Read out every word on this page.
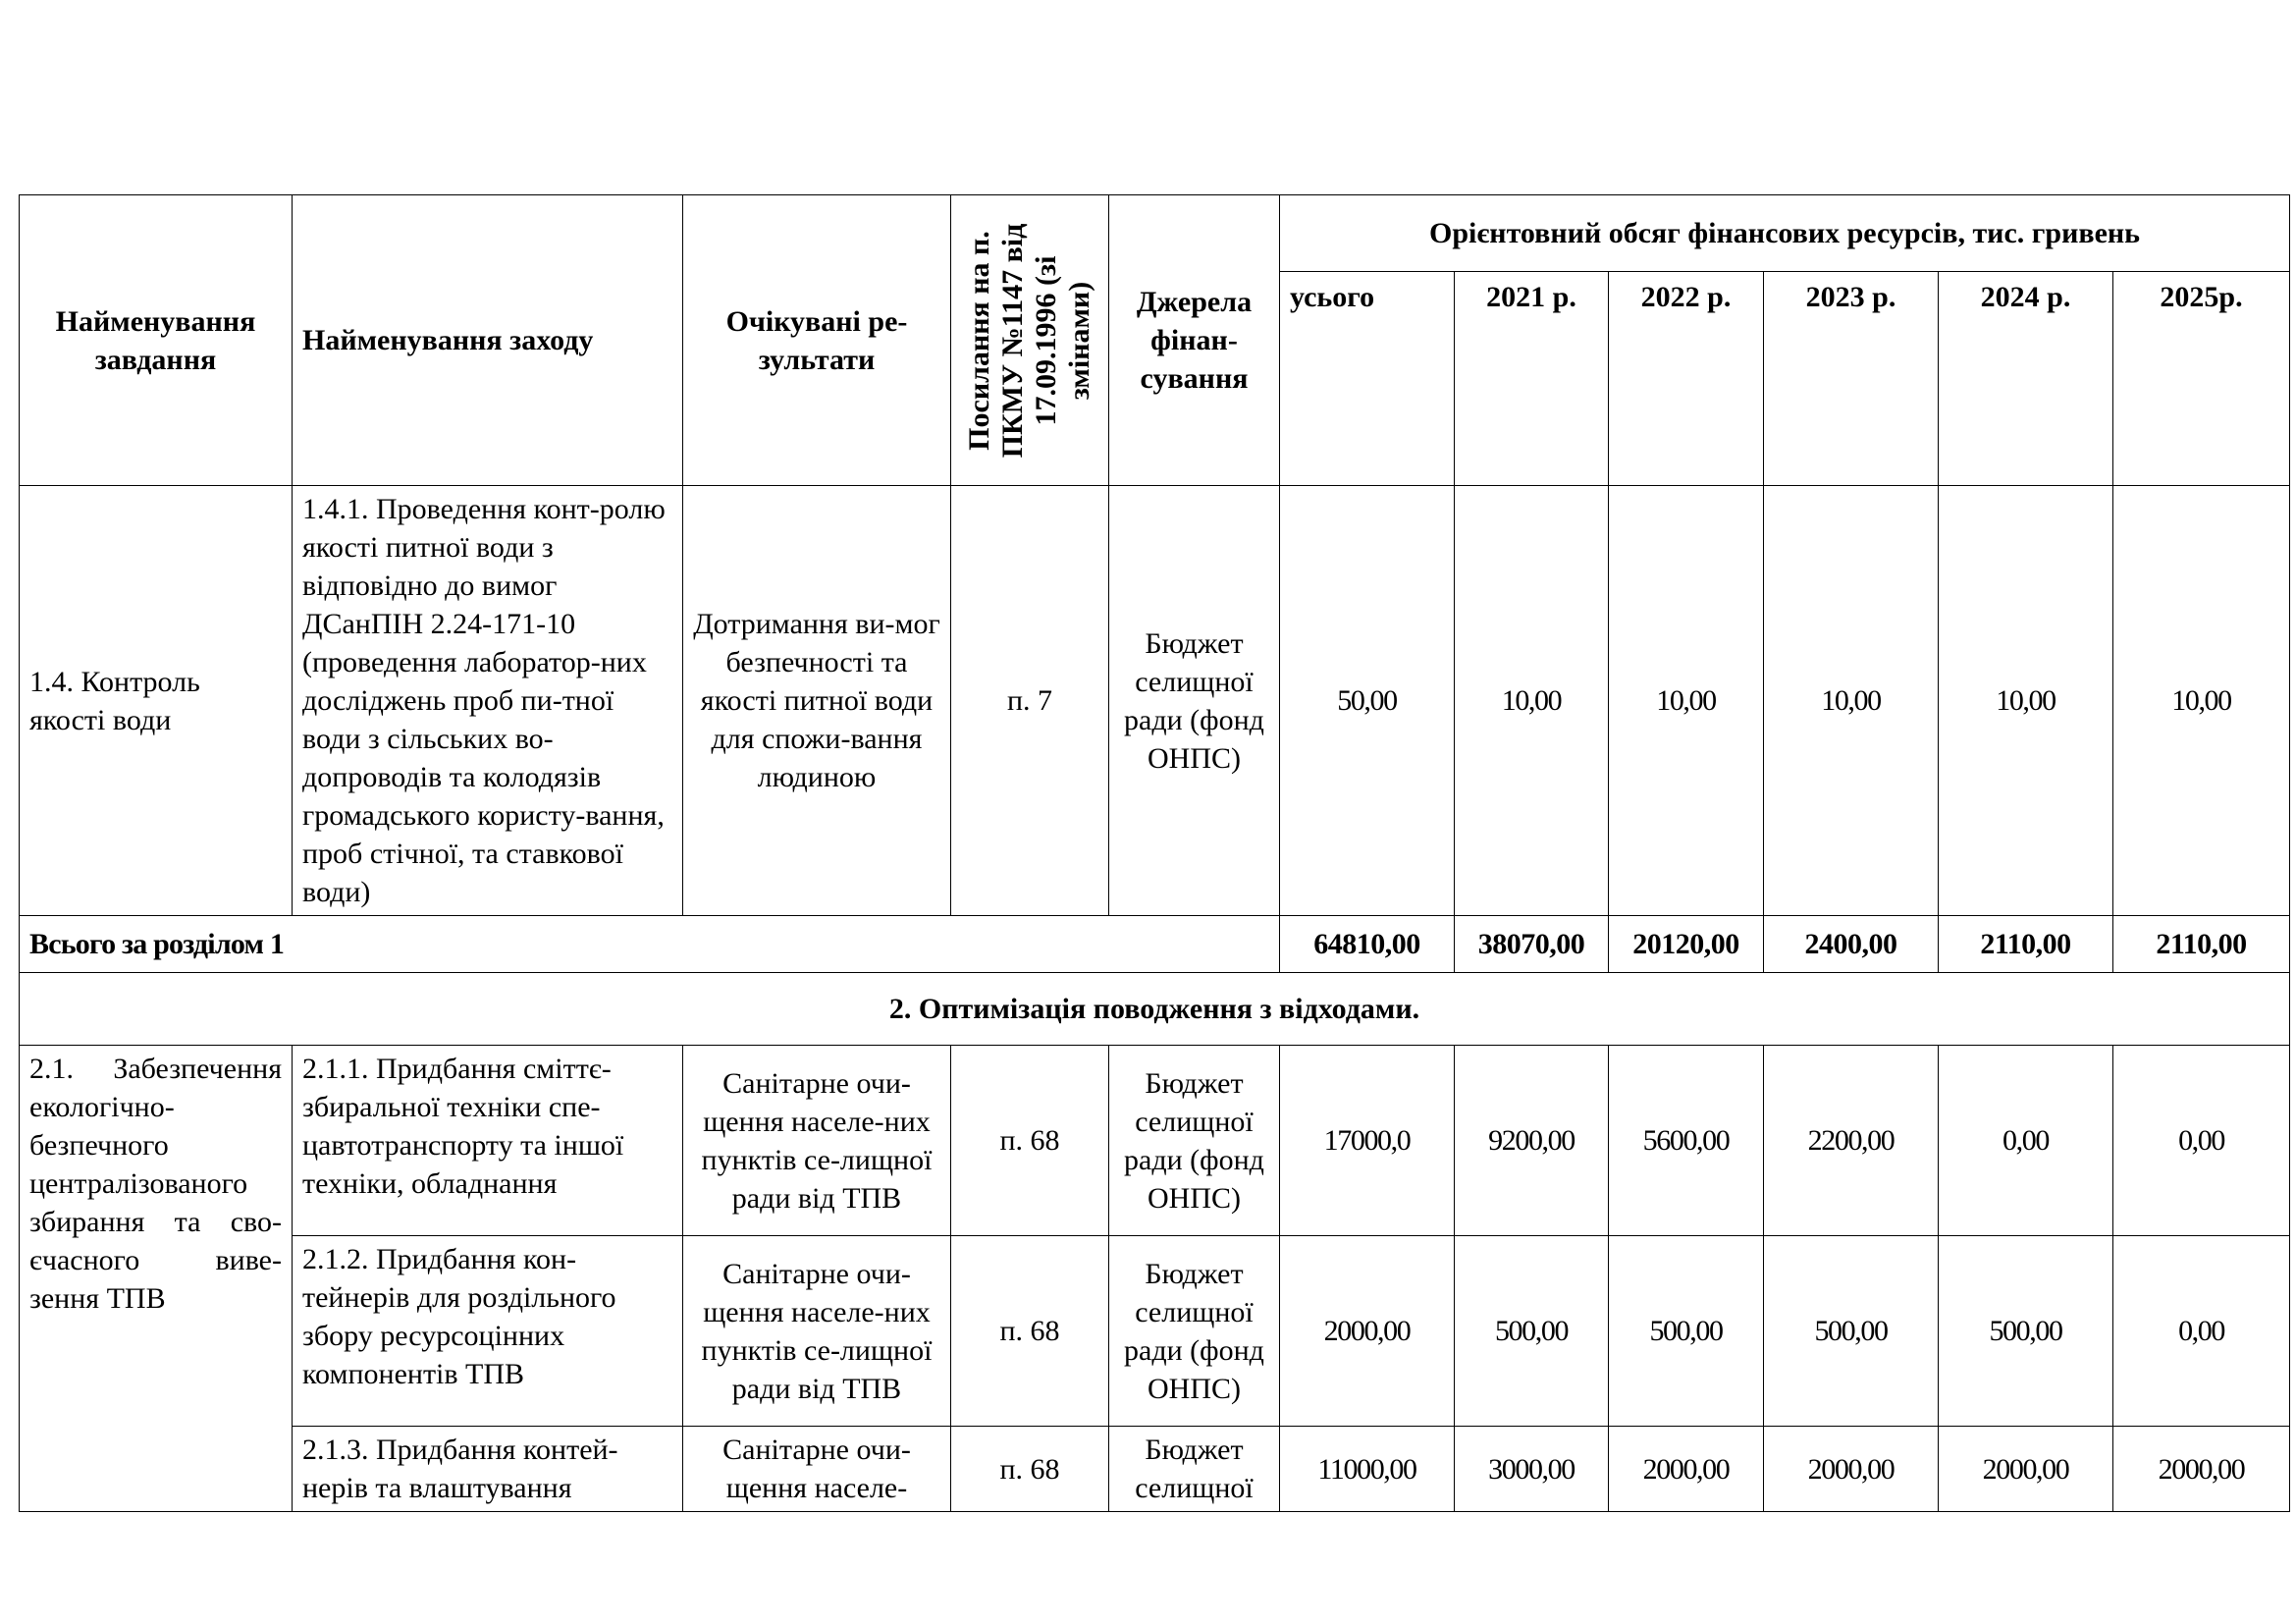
Найменування завдання	Найменування заходу	Очікувані ре-зультати	Посилання на п. ПКМУ №1147 від 17.09.1996 (зі змінами)	Джерела фінан-сування	Орієнтовний обсяг фінансових ресурсів, тис. гривень					
					усього	2021 р.	2022 р.	2023 р.	2024 р.	2025р.
1.4. Контроль якості води	1.4.1. Проведення конт-ролю якості питної води з відповідно до вимог ДСанПІН 2.24-171-10 (проведення лаборатор-них досліджень проб пи-тної води з сільських во-допроводів та колодязів громадського користу-вання, проб стічної, та ставкової води)	Дотримання ви-мог безпечності та якості питної води для спожи-вання людиною	п. 7	Бюджет селищної ради (фонд ОНПС)	50,00	10,00	10,00	10,00	10,00	10,00
Всього за розділом 1					64810,00	38070,00	20120,00	2400,00	2110,00	2110,00
2. Оптимізація поводження з відходами.										
2.1. Забезпечення екологічно-безпечного централізованого збирання та сво-єчасного виве-зення ТПВ	2.1.1. Придбання сміттє-збиральної техніки спе-цавтотранспорту та іншої техніки, обладнання	Санітарне очи-щення населе-них пунктів се-лищної ради від ТПВ	п. 68	Бюджет селищної ради (фонд ОНПС)	17000,0	9200,00	5600,00	2200,00	0,00	0,00
	2.1.2. Придбання кон-тейнерів для роздільного збору ресурсоцінних компонентів ТПВ	Санітарне очи-щення населе-них пунктів се-лищної ради від ТПВ	п. 68	Бюджет селищної ради (фонд ОНПС)	2000,00	500,00	500,00	500,00	500,00	0,00
	2.1.3. Придбання контей-нерів та влаштування	Санітарне очи-щення населе-	п. 68	Бюджет селищної	11000,00	3000,00	2000,00	2000,00	2000,00	2000,00
